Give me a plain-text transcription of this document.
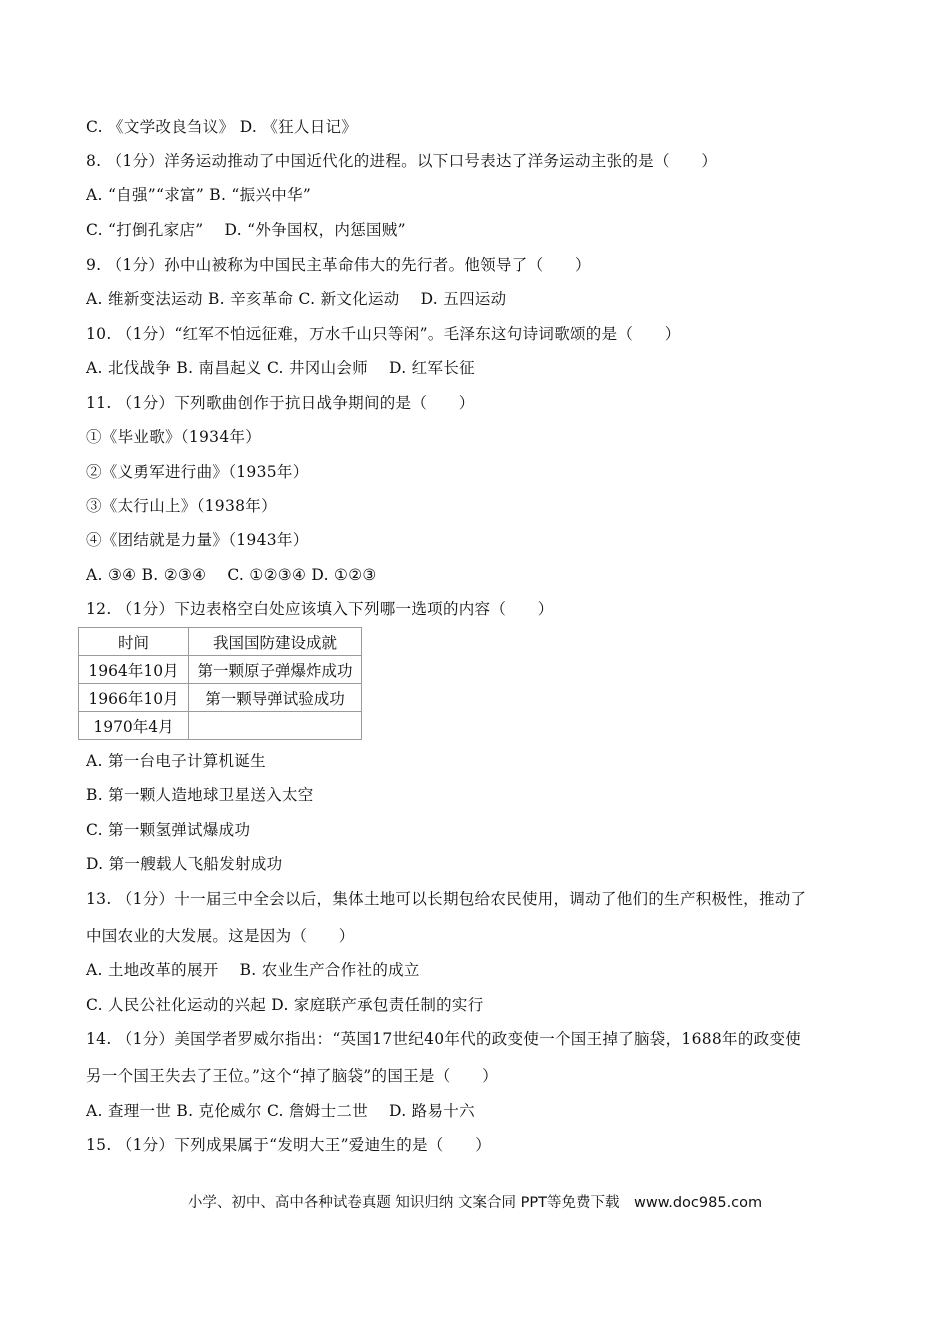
C. 《文学改良刍议》 D. 《狂人日记》
8. （1分）洋务运动推动了中国近代化的进程。以下口号表达了洋务运动主张的是（　　）
A. “自强”“求富” B. “振兴中华”
C. “打倒孔家店”　 D. “外争国权，内惩国贼”
9. （1分）孙中山被称为中国民主革命伟大的先行者。他领导了（　　）
A. 维新变法运动 B. 辛亥革命 C. 新文化运动　 D. 五四运动
10. （1分）“红军不怕远征难，万水千山只等闲”。毛泽东这句诗词歌颂的是（　　）
A. 北伐战争 B. 南昌起义 C. 井冈山会师　 D. 红军长征
11. （1分）下列歌曲创作于抗日战争期间的是（　　）
①《毕业歌》（1934年）
②《义勇军进行曲》（1935年）
③《太行山上》（1938年）
④《团结就是力量》（1943年）
A. ③④ B. ②③④　 C. ①②③④ D. ①②③
12. （1分）下边表格空白处应该填入下列哪一选项的内容（　　）
时间	我国国防建设成就
1964年10月	第一颗原子弹爆炸成功
1966年10月	第一颗导弹试验成功
1970年4月	
A. 第一台电子计算机诞生
B. 第一颗人造地球卫星送入太空
C. 第一颗氢弹试爆成功
D. 第一艘载人飞船发射成功
13. （1分）十一届三中全会以后，集体土地可以长期包给农民使用，调动了他们的生产积极性，推动了
中国农业的大发展。这是因为（　　）
A. 土地改革的展开　 B. 农业生产合作社的成立
C. 人民公社化运动的兴起 D. 家庭联产承包责任制的实行
14. （1分）美国学者罗威尔指出：“英国17世纪40年代的政变使一个国王掉了脑袋，1688年的政变使
另一个国王失去了王位。”这个“掉了脑袋”的国王是（　　）
A. 查理一世 B. 克伦威尔 C. 詹姆士二世　 D. 路易十六
15. （1分）下列成果属于“发明大王”爱迪生的是（　　）
小学、初中、高中各种试卷真题 知识归纳 文案合同 PPT等免费下载　www.doc985.com
